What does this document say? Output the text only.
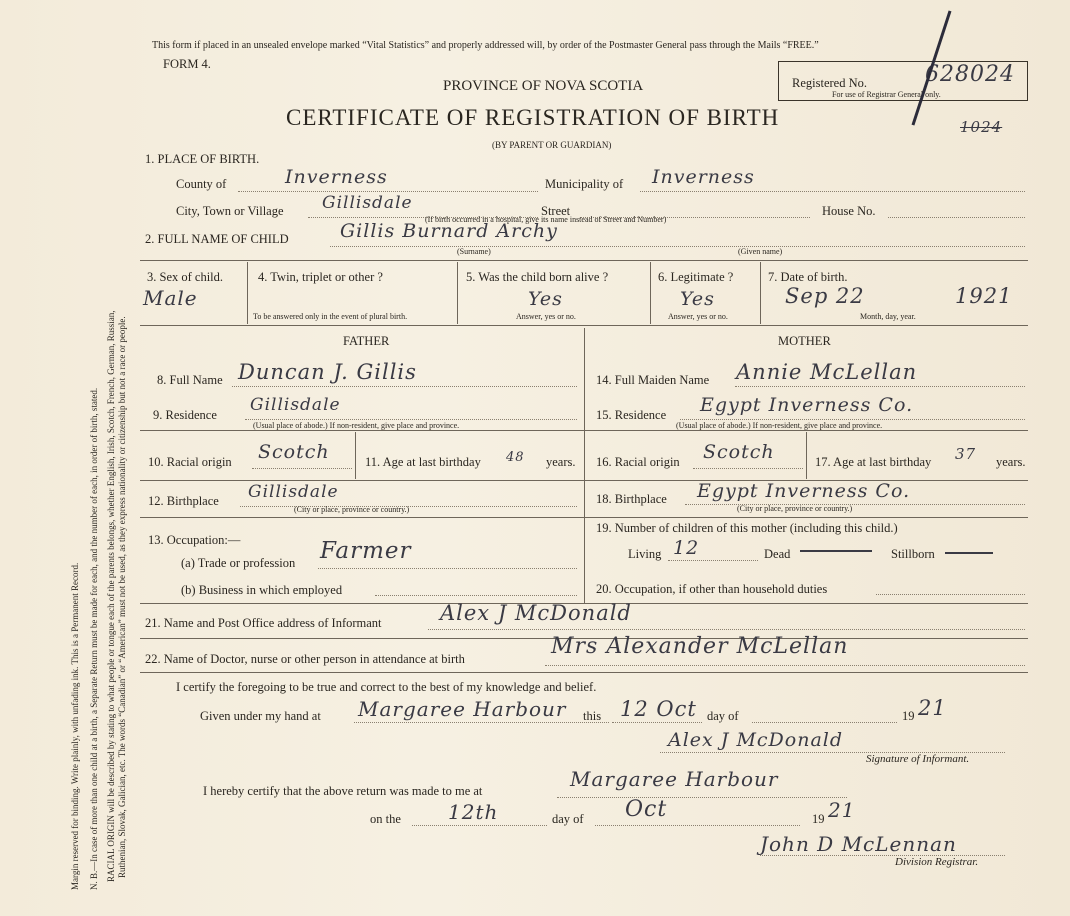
Margin reserved for binding. Write plainly, with unfading ink. This is a Permanent Record. N. B.—In case of more than one child at a birth, a Separate Return must be made for each, and the number of each, in order of birth, stated. RACIAL ORIGIN will be described by stating to what people or tongue each of the parents belongs, whether English, Irish, Scotch, French, German, Russian, Ruthenian, Slovak, Galician, etc. The words “Canadian” or “American” must not be used, as they express nationality or citizenship but not a race or people.
This form if placed in an unsealed envelope marked “Vital Statistics” and properly addressed will, by order of the Postmaster General pass through the Mails “FREE.”
FORM 4.
PROVINCE OF NOVA SCOTIA
CERTIFICATE OF REGISTRATION OF BIRTH
(BY PARENT OR GUARDIAN)
Registered No.	628024
For use of Registrar General only.
1024
1. PLACE OF BIRTH.
County of	Inverness	Municipality of Inverness
City, Town or Village Gillisdale	Street	House No.
(If birth occurred in a hospital, give its name instead of Street and Number)
2. FULL NAME OF CHILD	Gillis Burnard Archy
(Surname)	(Given name)
3. Sex of child.
Male
4. Twin, triplet or other ?
To be answered only in the event of plural birth.
5. Was the child born alive ?
Yes
Answer, yes or no.
6. Legitimate ?
Yes
Answer, yes or no.
7. Date of birth.
Sep 22	1921
Month, day, year.
FATHER	MOTHER
8. Full Name Duncan J. Gillis
9. Residence Gillisdale
(Usual place of abode.) If non-resident, give place and province.
10. Racial origin Scotch	11. Age at last birthday 48 years.
12. Birthplace Gillisdale
(City or place, province or country.)
13. Occupation:—
(a) Trade or profession Farmer
(b) Business in which employed
14. Full Maiden Name Annie McLellan
15. Residence Egypt Inverness Co.
(Usual place of abode.) If non-resident, give place and province.
16. Racial origin Scotch	17. Age at last birthday 37 years.
18. Birthplace Egypt Inverness Co.
(City or place, province or country.)
19. Number of children of this mother (including this child.)
Living 12	Dead	Stillborn
20. Occupation, if other than household duties
21. Name and Post Office address of Informant	Alex J McDonald
22. Name of Doctor, nurse or other person in attendance at birth	Mrs Alexander McLellan
I certify the foregoing to be true and correct to the best of my knowledge and belief.
Given under my hand at Margaree Harbour this 12 Oct day of	19 21
Alex J McDonald
Signature of Informant.
I hereby certify that the above return was made to me at	Margaree Harbour
on the 12th	day of Oct	19 21
John D McLennan
Division Registrar.
